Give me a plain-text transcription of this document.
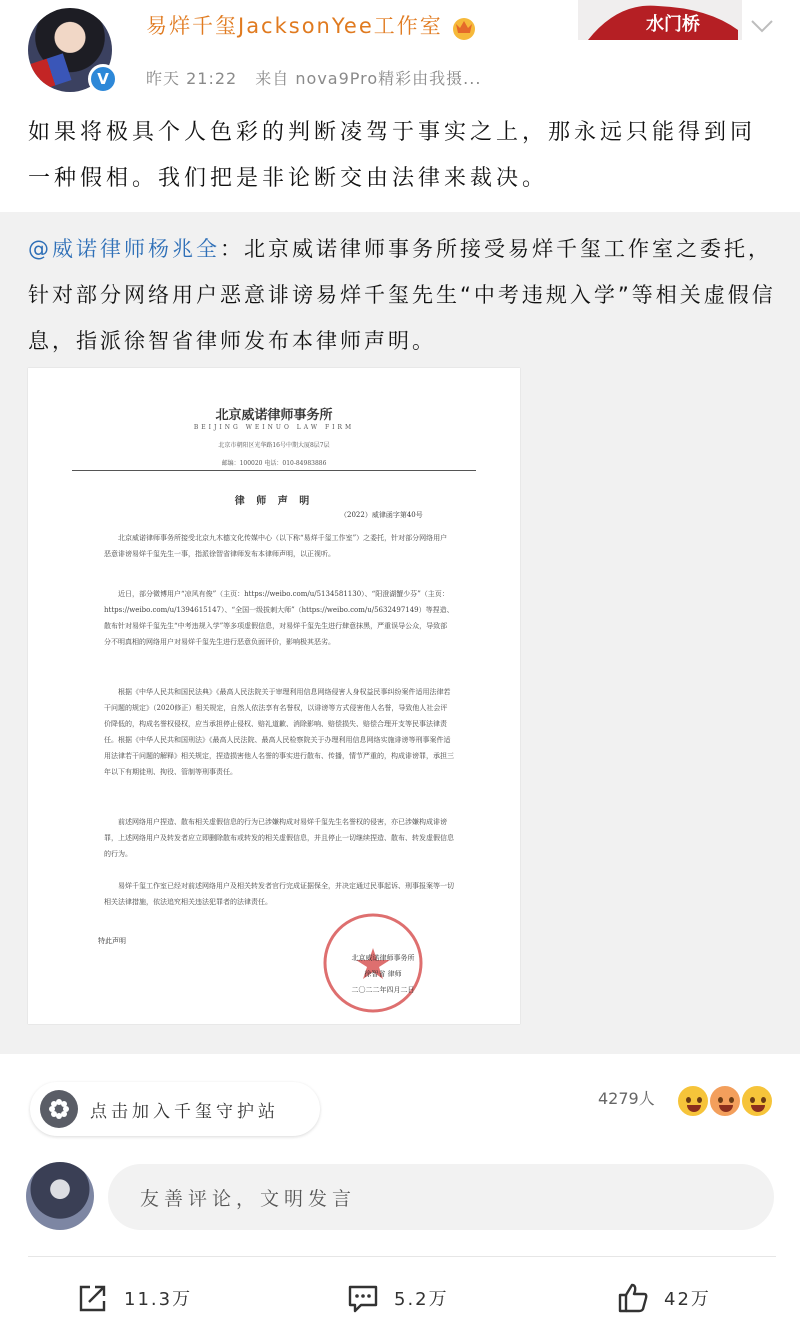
V
易烊千玺JacksonYee工作室
昨天 21:22 来自 nova9Pro精彩由我摄...
水门桥
如果将极具个人色彩的判断凌驾于事实之上，那永远只能得到同一种假相。我们把是非论断交由法律来裁决。
@威诺律师杨兆全：北京威诺律师事务所接受易烊千玺工作室之委托，针对部分网络用户恶意诽谤易烊千玺先生“中考违规入学”等相关虚假信息，指派徐智省律师发布本律师声明。
北京威诺律师事务所
BEIJING WEINUO LAW FIRM
北京市朝阳区光华路16号中期大厦8层7层
邮编：100020 电话：010-84983886
律 师 声 明
（2022）威律函字第40号
北京威诺律师事务所接受北京九木德文化传媒中心（以下称“易烊千玺工作室”）之委托，针对部分网络用户恶意诽谤易烊千玺先生一事，指派徐智省律师发布本律师声明，以正视听。
近日，部分微博用户“凉风有俊”（主页：https://weibo.com/u/5134581130）、“阳澄湖蟹少芬”（主页：https://weibo.com/u/1394615147）、“全国一级拔刺大师”（https://weibo.com/u/5632497149）等捏造、散布针对易烊千玺先生“中考违规入学”等多项虚假信息，对易烊千玺先生进行肆意抹黑，严重误导公众，导致部分不明真相的网络用户对易烊千玺先生进行恶意负面评价，影响极其恶劣。
根据《中华人民共和国民法典》《最高人民法院关于审理利用信息网络侵害人身权益民事纠纷案件适用法律若干问题的规定》（2020修正）相关规定，自然人依法享有名誉权，以诽谤等方式侵害他人名誉，导致他人社会评价降低的，构成名誉权侵权，应当承担停止侵权、赔礼道歉、消除影响、赔偿损失、赔偿合理开支等民事法律责任。根据《中华人民共和国刑法》《最高人民法院、最高人民检察院关于办理利用信息网络实施诽谤等刑事案件适用法律若干问题的解释》相关规定，捏造损害他人名誉的事实进行散布、传播，情节严重的，构成诽谤罪，承担三年以下有期徒刑、拘役、管制等刑事责任。
前述网络用户捏造、散布相关虚假信息的行为已涉嫌构成对易烊千玺先生名誉权的侵害，亦已涉嫌构成诽谤罪，上述网络用户及转发者应立即删除散布或转发的相关虚假信息，并且停止一切继续捏造、散布、转发虚假信息的行为。
易烊千玺工作室已经对前述网络用户及相关转发者官行完成证据保全，并决定通过民事起诉、刑事报案等一切相关法律措施，依法追究相关违法犯罪者的法律责任。
特此声明
北京威诺律师事务所
徐智省 律师
二〇二二年四月二日
点击加入千玺守护站
4279人
友善评论，文明发言
11.3万	5.2万	42万
